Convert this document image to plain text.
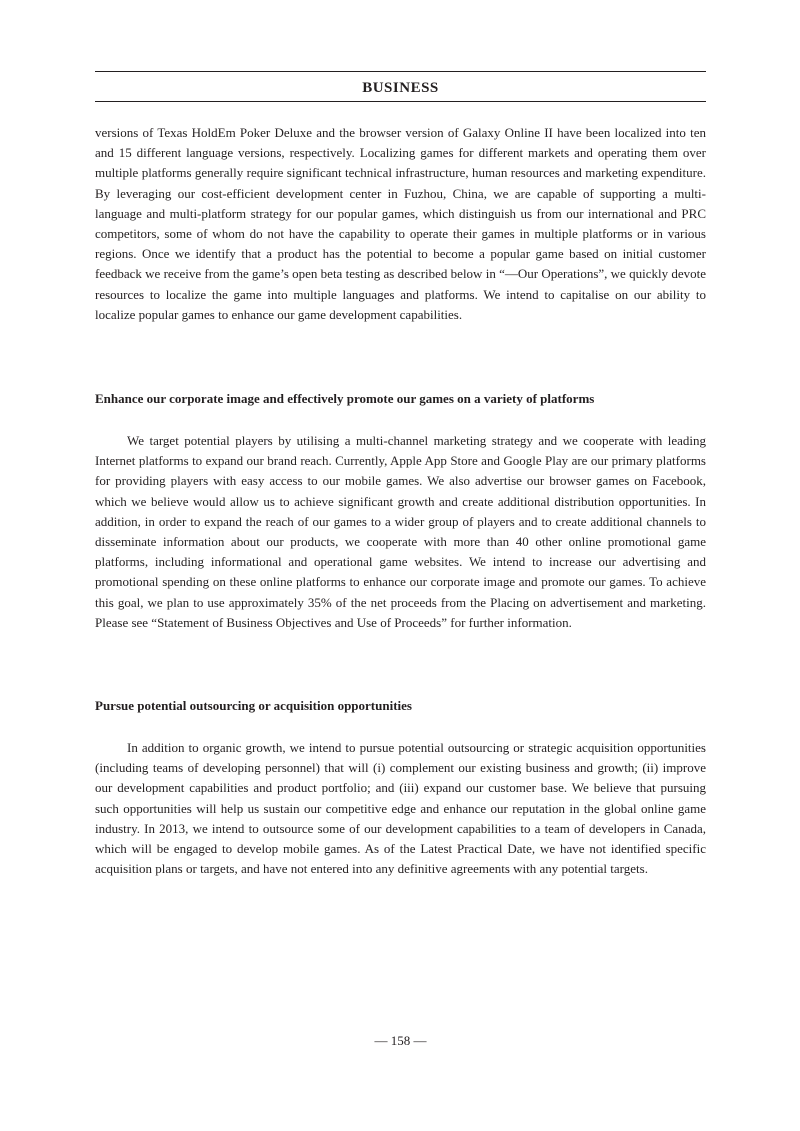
BUSINESS

versions of Texas HoldEm Poker Deluxe and the browser version of Galaxy Online II have been localized into ten and 15 different language versions, respectively. Localizing games for different markets and operating them over multiple platforms generally require significant technical infrastructure, human resources and marketing expenditure. By leveraging our cost-efficient development center in Fuzhou, China, we are capable of supporting a multi-language and multi-platform strategy for our popular games, which distinguish us from our international and PRC competitors, some of whom do not have the capability to operate their games in multiple platforms or in various regions. Once we identify that a product has the potential to become a popular game based on initial customer feedback we receive from the game’s open beta testing as described below in “—Our Operations”, we quickly devote resources to localize the game into multiple languages and platforms. We intend to capitalise on our ability to localize popular games to enhance our game development capabilities.

Enhance our corporate image and effectively promote our games on a variety of platforms

We target potential players by utilising a multi-channel marketing strategy and we cooperate with leading Internet platforms to expand our brand reach. Currently, Apple App Store and Google Play are our primary platforms for providing players with easy access to our mobile games. We also advertise our browser games on Facebook, which we believe would allow us to achieve significant growth and create additional distribution opportunities. In addition, in order to expand the reach of our games to a wider group of players and to create additional channels to disseminate information about our products, we cooperate with more than 40 other online promotional game platforms, including informational and operational game websites. We intend to increase our advertising and promotional spending on these online platforms to enhance our corporate image and promote our games. To achieve this goal, we plan to use approximately 35% of the net proceeds from the Placing on advertisement and marketing. Please see “Statement of Business Objectives and Use of Proceeds” for further information.

Pursue potential outsourcing or acquisition opportunities

In addition to organic growth, we intend to pursue potential outsourcing or strategic acquisition opportunities (including teams of developing personnel) that will (i) complement our existing business and growth; (ii) improve our development capabilities and product portfolio; and (iii) expand our customer base. We believe that pursuing such opportunities will help us sustain our competitive edge and enhance our reputation in the global online game industry. In 2013, we intend to outsource some of our development capabilities to a team of developers in Canada, which will be engaged to develop mobile games. As of the Latest Practical Date, we have not identified specific acquisition plans or targets, and have not entered into any definitive agreements with any potential targets.

— 158 —
